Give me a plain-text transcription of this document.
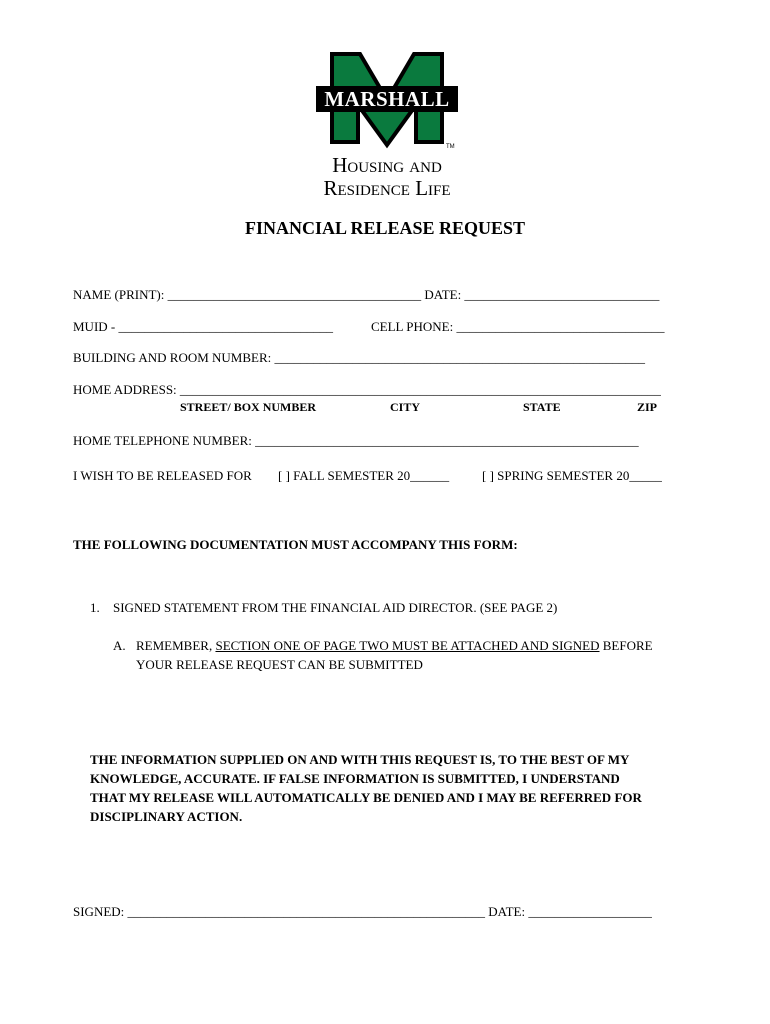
MARSHALL
TM
Housing and
Residence Life
FINANCIAL RELEASE REQUEST
NAME (PRINT): _______________________________________ DATE: ______________________________
MUID - _________________________________	CELL PHONE: ________________________________
BUILDING AND ROOM NUMBER: _________________________________________________________
HOME ADDRESS: __________________________________________________________________________
STREET/ BOX NUMBER	CITY	STATE	ZIP
HOME TELEPHONE NUMBER: ___________________________________________________________
I WISH TO BE RELEASED FOR [ ] FALL SEMESTER 20______	[ ] SPRING SEMESTER 20_____
THE FOLLOWING DOCUMENTATION MUST ACCOMPANY THIS FORM:
1. SIGNED STATEMENT FROM THE FINANCIAL AID DIRECTOR. (SEE PAGE 2)
A. REMEMBER, SECTION ONE OF PAGE TWO MUST BE ATTACHED AND SIGNED BEFORE
YOUR RELEASE REQUEST CAN BE SUBMITTED
THE INFORMATION SUPPLIED ON AND WITH THIS REQUEST IS, TO THE BEST OF MY
KNOWLEDGE, ACCURATE. IF FALSE INFORMATION IS SUBMITTED, I UNDERSTAND
THAT MY RELEASE WILL AUTOMATICALLY BE DENIED AND I MAY BE REFERRED FOR
DISCIPLINARY ACTION.
SIGNED: _______________________________________________________ DATE: ___________________
